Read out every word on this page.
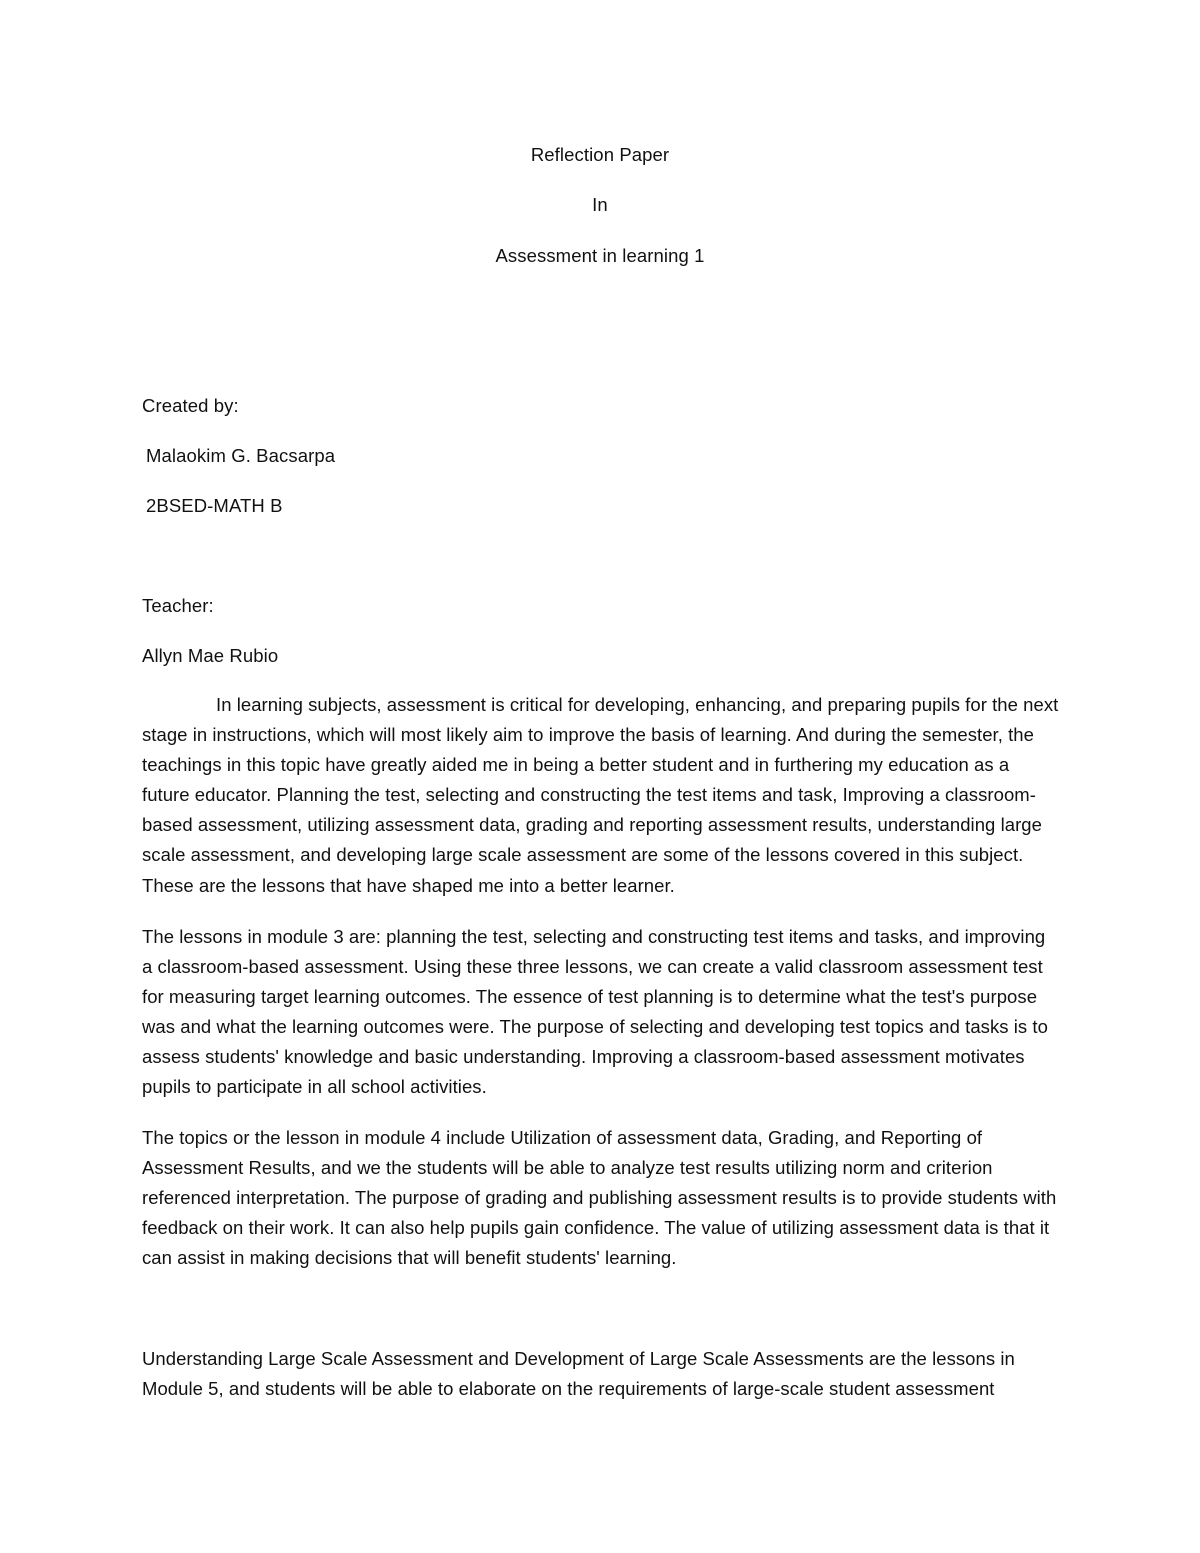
Reflection Paper
In
Assessment in learning 1
Created by:
Malaokim G. Bacsarpa
2BSED-MATH B
Teacher:
Allyn Mae Rubio

In learning subjects, assessment is critical for developing, enhancing, and preparing pupils for the next stage in instructions, which will most likely aim to improve the basis of learning. And during the semester, the teachings in this topic have greatly aided me in being a better student and in furthering my education as a future educator. Planning the test, selecting and constructing the test items and task, Improving a classroom-based assessment, utilizing assessment data, grading and reporting assessment results, understanding large scale assessment, and developing large scale assessment are some of the lessons covered in this subject. These are the lessons that have shaped me into a better learner.

The lessons in module 3 are: planning the test, selecting and constructing test items and tasks, and improving a classroom-based assessment. Using these three lessons, we can create a valid classroom assessment test for measuring target learning outcomes. The essence of test planning is to determine what the test's purpose was and what the learning outcomes were. The purpose of selecting and developing test topics and tasks is to assess students' knowledge and basic understanding. Improving a classroom-based assessment motivates pupils to participate in all school activities.

The topics or the lesson in module 4 include Utilization of assessment data, Grading, and Reporting of Assessment Results, and we the students will be able to analyze test results utilizing norm and criterion referenced interpretation. The purpose of grading and publishing assessment results is to provide students with feedback on their work. It can also help pupils gain confidence. The value of utilizing assessment data is that it can assist in making decisions that will benefit students' learning.

Understanding Large Scale Assessment and Development of Large Scale Assessments are the lessons in Module 5, and students will be able to elaborate on the requirements of large-scale student assessment
